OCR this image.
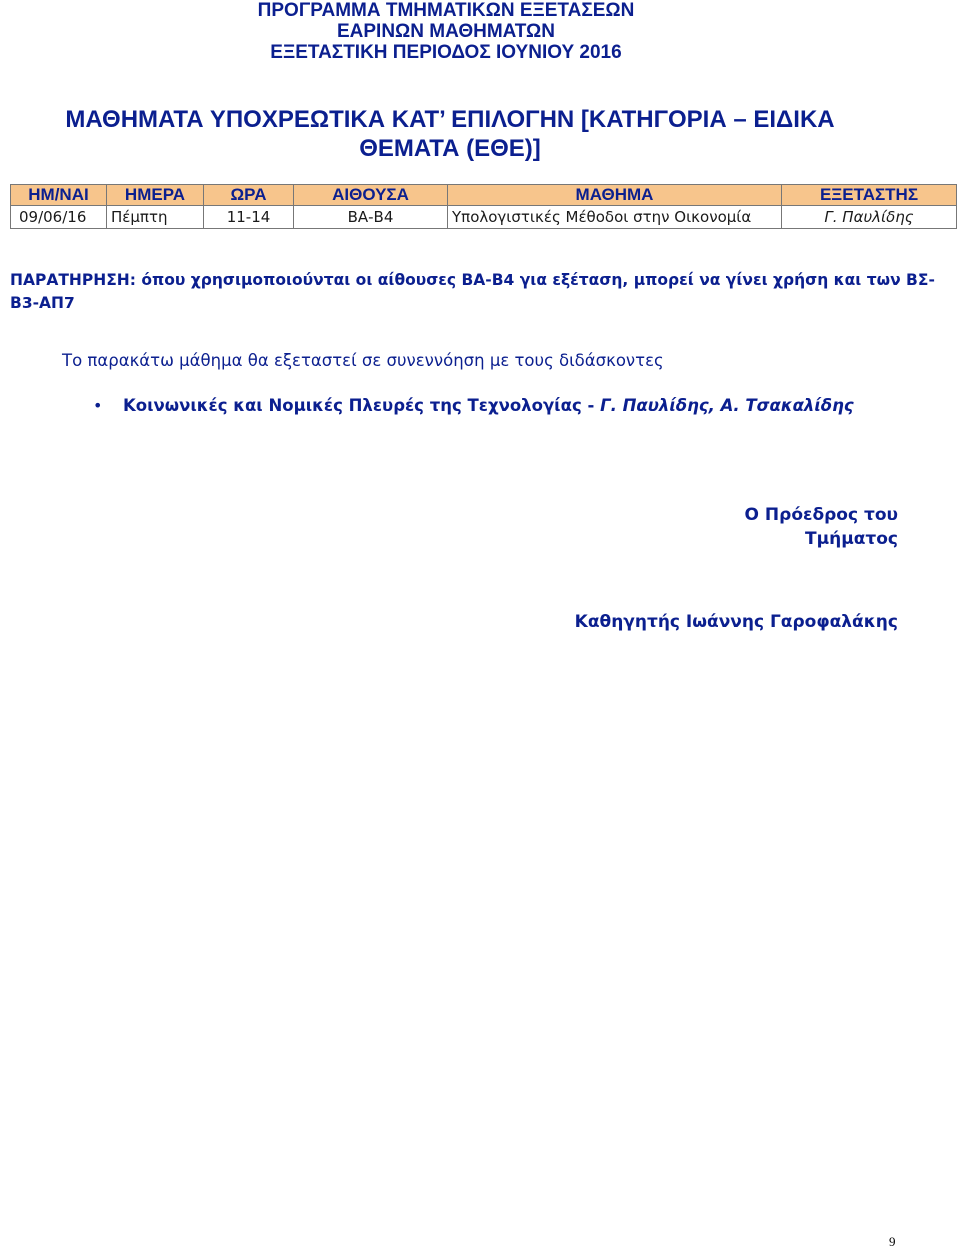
ΠΡΟΓΡΑΜΜΑ ΤΜΗΜΑΤΙΚΩΝ ΕΞΕΤΑΣΕΩΝ
ΕΑΡΙΝΩΝ ΜΑΘΗΜΑΤΩΝ
ΕΞΕΤΑΣΤΙΚΗ ΠΕΡΙΟΔΟΣ ΙΟΥΝΙΟΥ 2016
ΜΑΘΗΜΑΤΑ ΥΠΟΧΡΕΩΤΙΚΑ ΚΑΤ’ ΕΠΙΛΟΓΗΝ [ΚΑΤΗΓΟΡΙΑ – ΕΙΔΙΚΑ
ΘΕΜΑΤΑ (ΕΘΕ)]
ΗΜ/ΝΑΙ	ΗΜΕΡΑ	ΩΡΑ	ΑΙΘΟΥΣΑ	ΜΑΘΗΜΑ	ΕΞΕΤΑΣΤΗΣ
09/06/16	Πέμπτη	11-14	ΒΑ-Β4	Υπολογιστικές Μέθοδοι στην Οικονομία	Γ. Παυλίδης
ΠΑΡΑΤΗΡΗΣΗ: όπου χρησιμοποιούνται οι αίθουσες ΒΑ-Β4 για εξέταση, μπορεί να γίνει χρήση και των ΒΣ-Β3-ΑΠ7
Το παρακάτω μάθημα θα εξεταστεί σε συνεννόηση με τους διδάσκοντες
• Κοινωνικές και Νομικές Πλευρές της Τεχνολογίας - Γ. Παυλίδης, Α. Τσακαλίδης
Ο Πρόεδρος του
Τμήματος
Καθηγητής Ιωάννης Γαροφαλάκης
9
